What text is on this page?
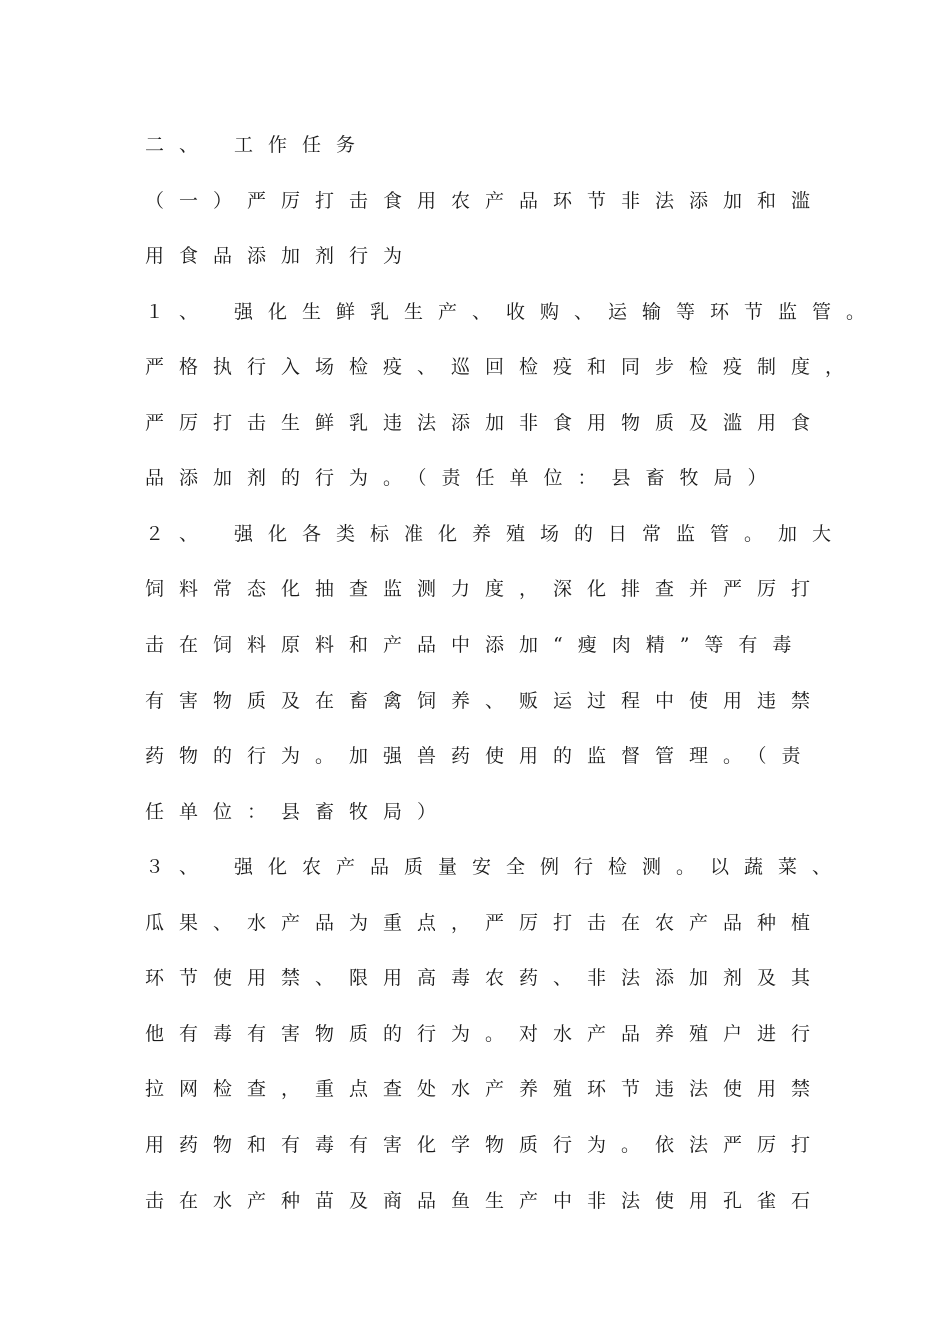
二、 工作任务
（一）严厉打击食用农产品环节非法添加和滥
用食品添加剂行为
１、 强化生鲜乳生产、收购、运输等环节监管。
严格执行入场检疫、巡回检疫和同步检疫制度，
严厉打击生鲜乳违法添加非食用物质及滥用食
品添加剂的行为。（责任单位：县畜牧局）
２、 强化各类标准化养殖场的日常监管。加大
饲料常态化抽查监测力度，深化排查并严厉打
击在饲料原料和产品中添加“瘦肉精”等有毒
有害物质及在畜禽饲养、贩运过程中使用违禁
药物的行为。加强兽药使用的监督管理。（责
任单位：县畜牧局）
３、 强化农产品质量安全例行检测。以蔬菜、
瓜果、水产品为重点，严厉打击在农产品种植
环节使用禁、限用高毒农药、非法添加剂及其
他有毒有害物质的行为。对水产品养殖户进行
拉网检查，重点查处水产养殖环节违法使用禁
用药物和有毒有害化学物质行为。依法严厉打
击在水产种苗及商品鱼生产中非法使用孔雀石
